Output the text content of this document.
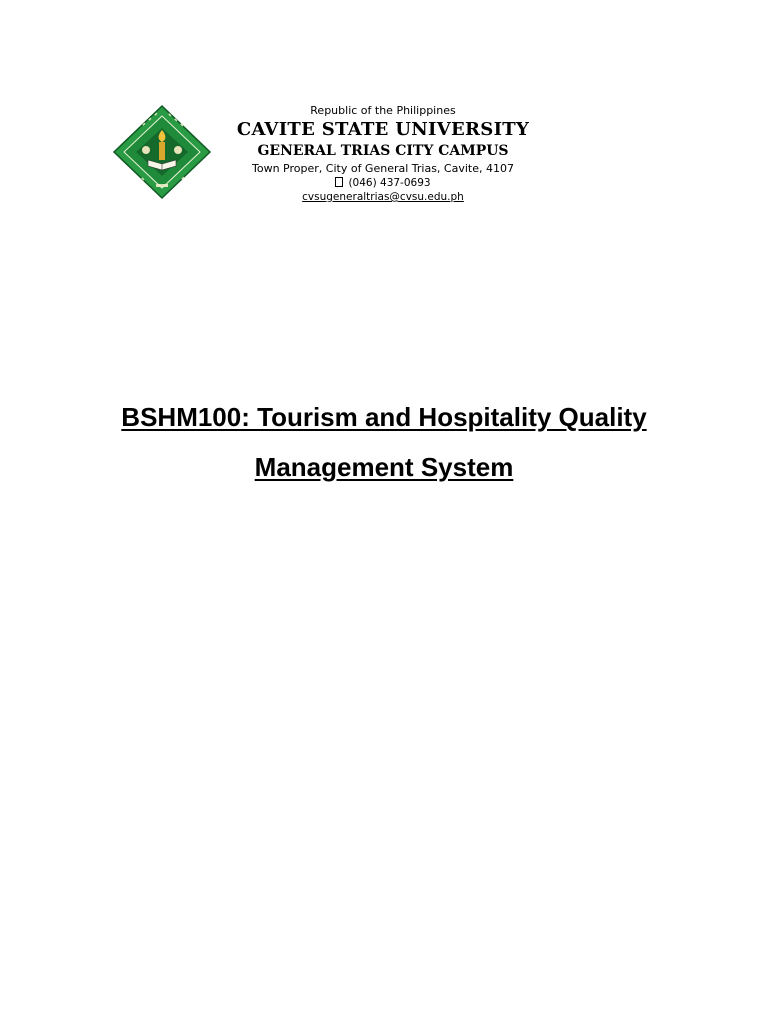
Republic of the Philippines
CAVITE STATE UNIVERSITY
GENERAL TRIAS CITY CAMPUS
Town Proper, City of General Trias, Cavite, 4107
(046) 437-0693
cvsugeneraltrias@cvsu.edu.ph

BSHM100: Tourism and Hospitality Quality

Management System
